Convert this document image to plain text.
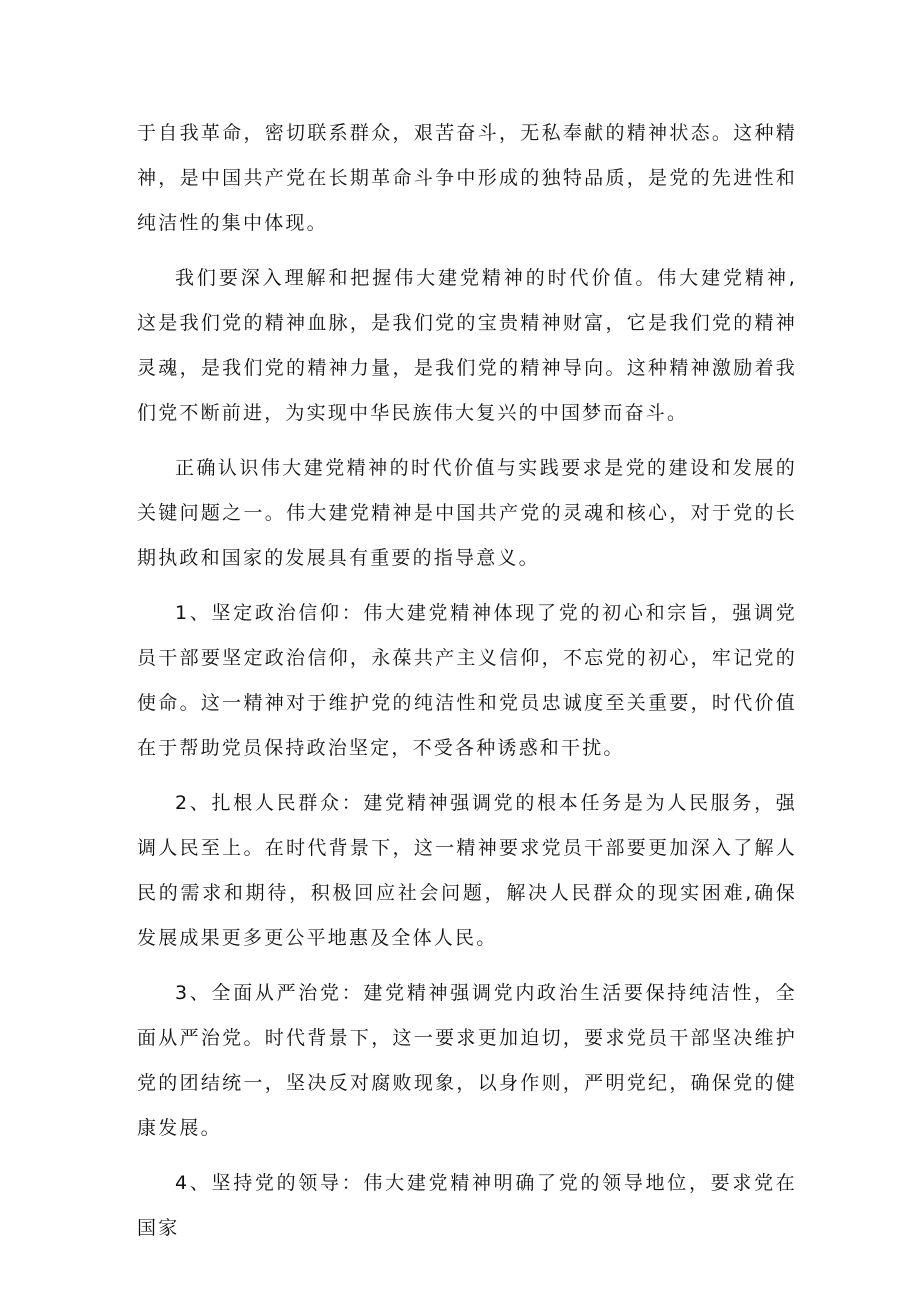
于自我革命，密切联系群众，艰苦奋斗，无私奉献的精神状态。这种精神，是中国共产党在长期革命斗争中形成的独特品质，是党的先进性和纯洁性的集中体现。

我们要深入理解和把握伟大建党精神的时代价值。伟大建党精神,这是我们党的精神血脉，是我们党的宝贵精神财富，它是我们党的精神灵魂，是我们党的精神力量，是我们党的精神导向。这种精神激励着我们党不断前进，为实现中华民族伟大复兴的中国梦而奋斗。

正确认识伟大建党精神的时代价值与实践要求是党的建设和发展的关键问题之一。伟大建党精神是中国共产党的灵魂和核心，对于党的长期执政和国家的发展具有重要的指导意义。

1、坚定政治信仰：伟大建党精神体现了党的初心和宗旨，强调党员干部要坚定政治信仰，永葆共产主义信仰，不忘党的初心，牢记党的使命。这一精神对于维护党的纯洁性和党员忠诚度至关重要，时代价值在于帮助党员保持政治坚定，不受各种诱惑和干扰。

2、扎根人民群众：建党精神强调党的根本任务是为人民服务，强调人民至上。在时代背景下，这一精神要求党员干部要更加深入了解人民的需求和期待，积极回应社会问题，解决人民群众的现实困难,确保发展成果更多更公平地惠及全体人民。

3、全面从严治党：建党精神强调党内政治生活要保持纯洁性，全面从严治党。时代背景下，这一要求更加迫切，要求党员干部坚决维护党的团结统一，坚决反对腐败现象，以身作则，严明党纪，确保党的健康发展。

4、坚持党的领导：伟大建党精神明确了党的领导地位，要求党在国家
